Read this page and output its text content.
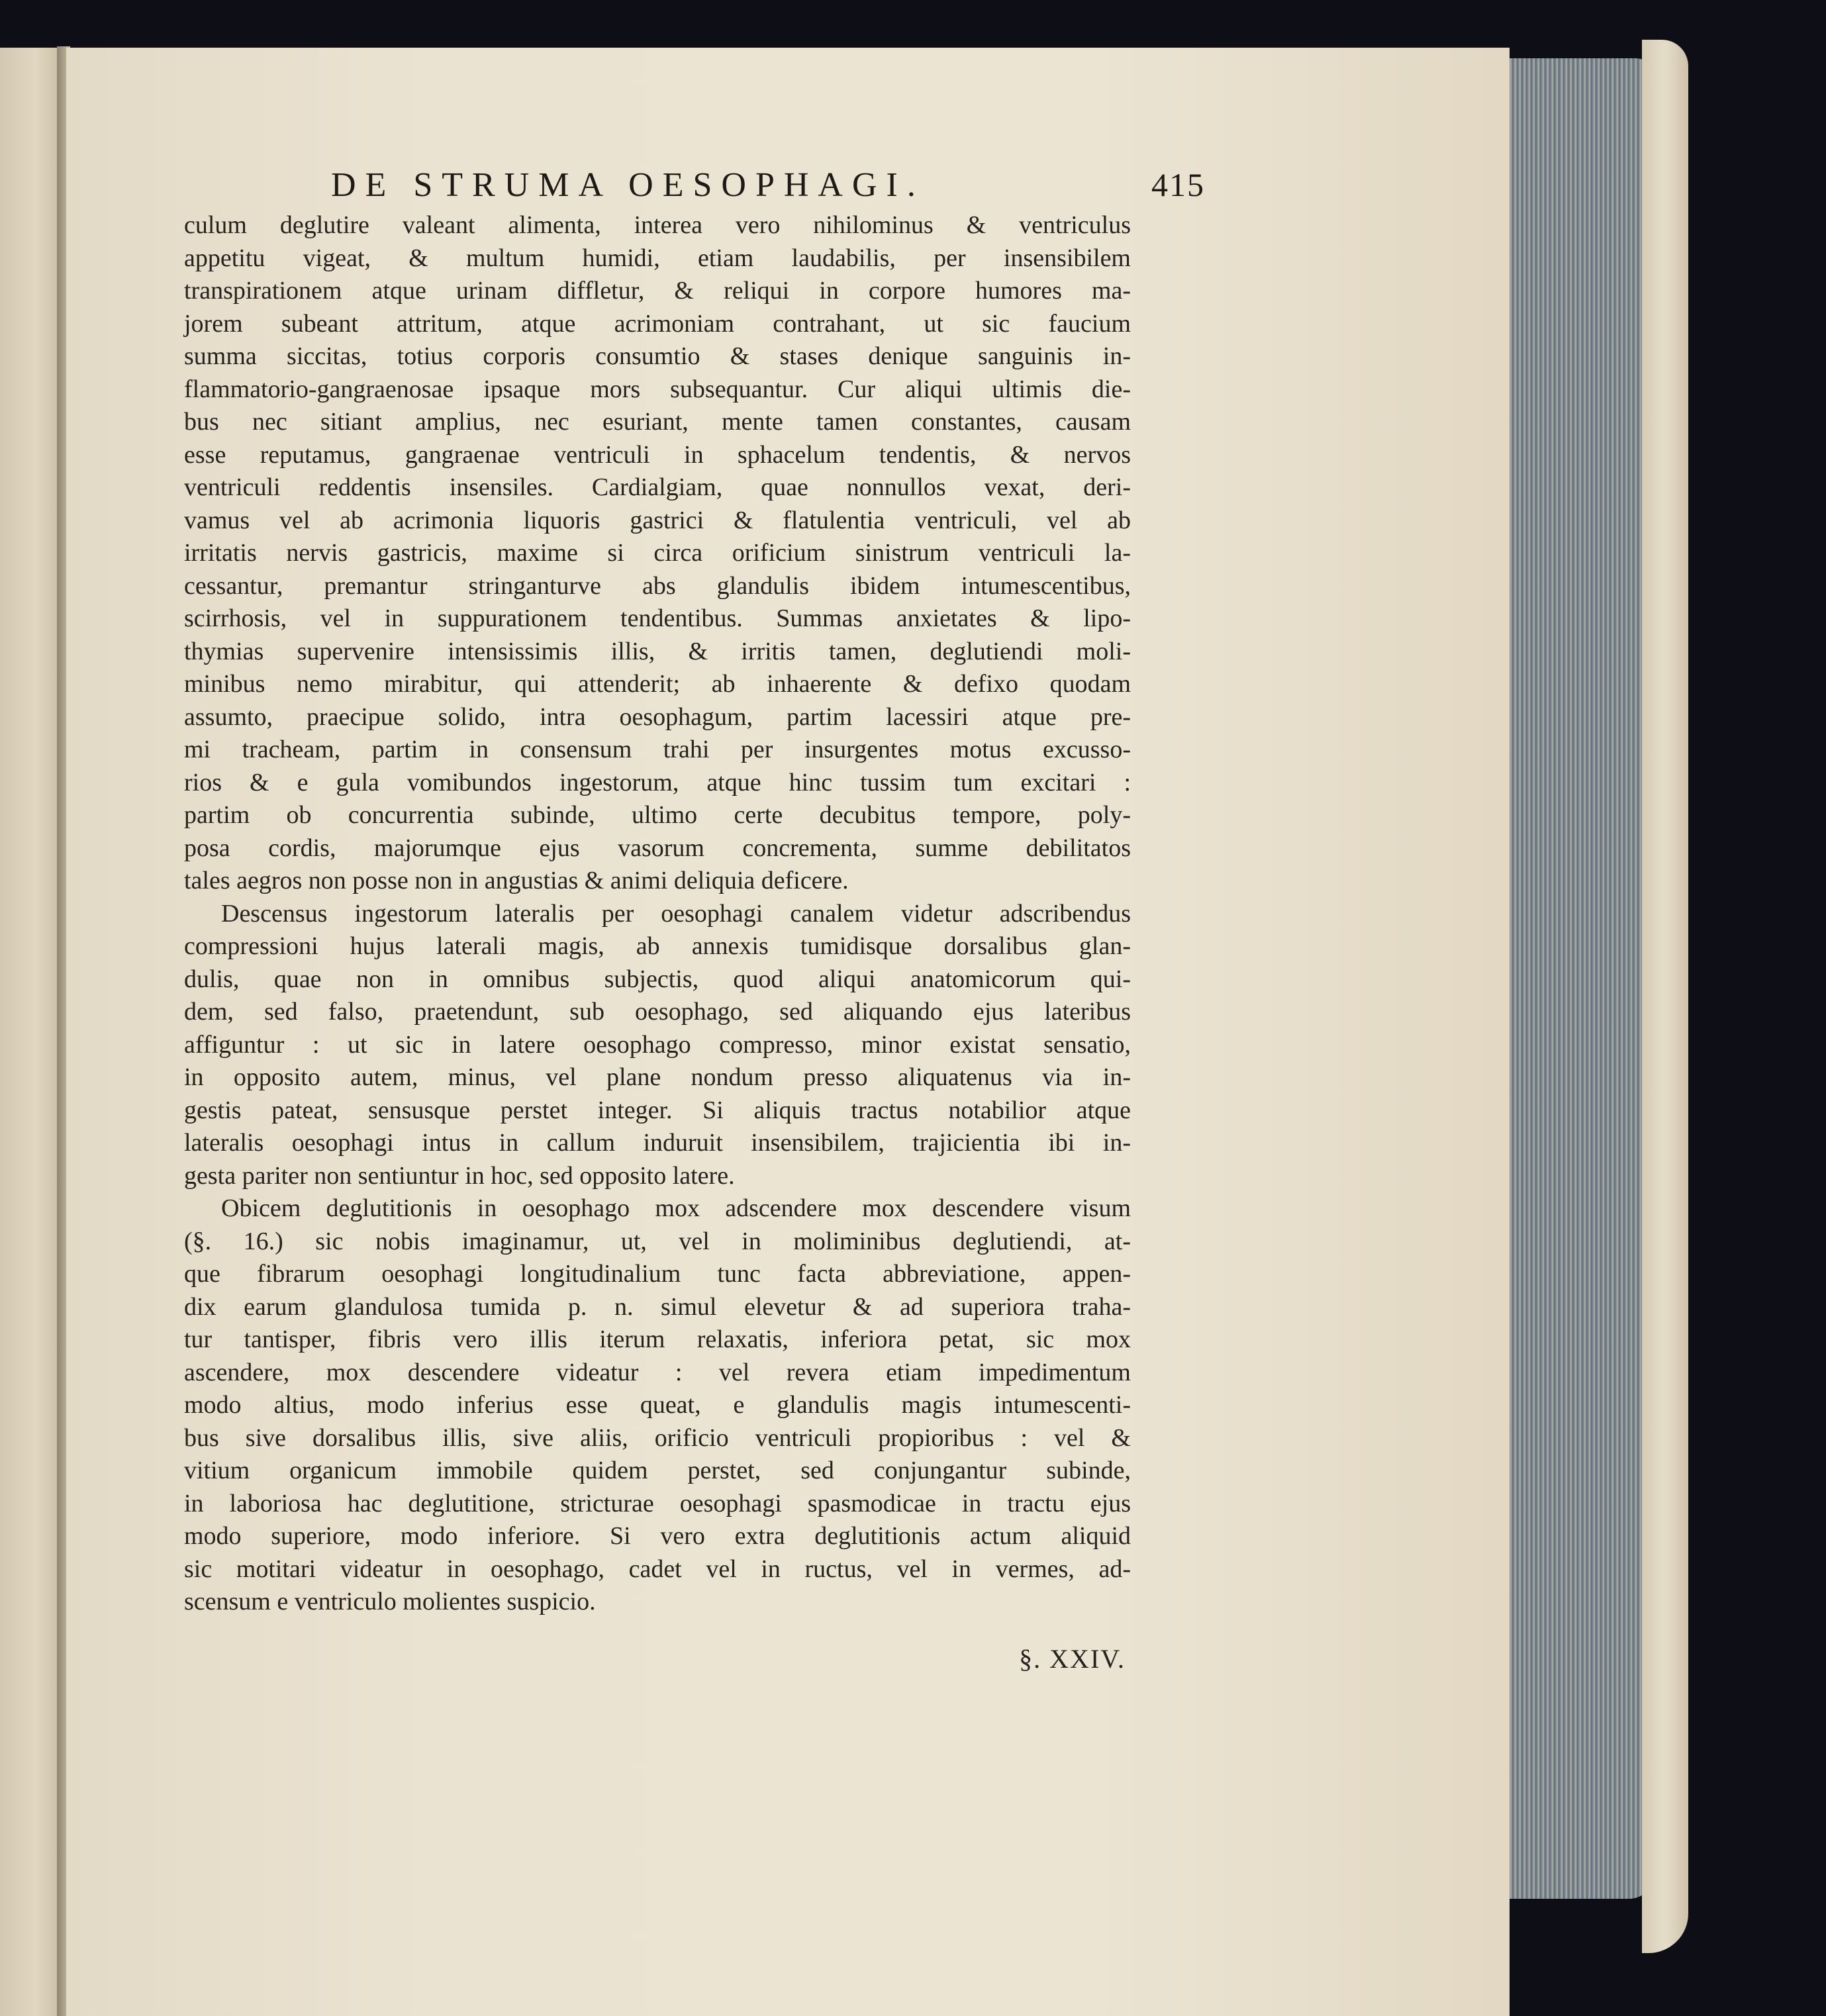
DE STRUMA OESOPHAGI.	415
culum deglutire valeant alimenta, interea vero nihilominus & ventriculus
appetitu vigeat, & multum humidi, etiam laudabilis, per insensibilem
transpirationem atque urinam diffletur, & reliqui in corpore humores ma-
jorem subeant attritum, atque acrimoniam contrahant, ut sic faucium
summa siccitas, totius corporis consumtio & stases denique sanguinis in-
flammatorio-gangraenosae ipsaque mors subsequantur. Cur aliqui ultimis die-
bus nec sitiant amplius, nec esuriant, mente tamen constantes, causam
esse reputamus, gangraenae ventriculi in sphacelum tendentis, & nervos
ventriculi reddentis insensiles. Cardialgiam, quae nonnullos vexat, deri-
vamus vel ab acrimonia liquoris gastrici & flatulentia ventriculi, vel ab
irritatis nervis gastricis, maxime si circa orificium sinistrum ventriculi la-
cessantur, premantur stringanturve abs glandulis ibidem intumescentibus,
scirrhosis, vel in suppurationem tendentibus. Summas anxietates & lipo-
thymias supervenire intensissimis illis, & irritis tamen, deglutiendi moli-
minibus nemo mirabitur, qui attenderit; ab inhaerente & defixo quodam
assumto, praecipue solido, intra oesophagum, partim lacessiri atque pre-
mi tracheam, partim in consensum trahi per insurgentes motus excusso-
rios & e gula vomibundos ingestorum, atque hinc tussim tum excitari :
partim ob concurrentia subinde, ultimo certe decubitus tempore, poly-
posa cordis, majorumque ejus vasorum concrementa, summe debilitatos
tales aegros non posse non in angustias & animi deliquia deficere.
Descensus ingestorum lateralis per oesophagi canalem videtur adscribendus
compressioni hujus laterali magis, ab annexis tumidisque dorsalibus glan-
dulis, quae non in omnibus subjectis, quod aliqui anatomicorum qui-
dem, sed falso, praetendunt, sub oesophago, sed aliquando ejus lateribus
affiguntur : ut sic in latere oesophago compresso, minor existat sensatio,
in opposito autem, minus, vel plane nondum presso aliquatenus via in-
gestis pateat, sensusque perstet integer. Si aliquis tractus notabilior atque
lateralis oesophagi intus in callum induruit insensibilem, trajicientia ibi in-
gesta pariter non sentiuntur in hoc, sed opposito latere.
Obicem deglutitionis in oesophago mox adscendere mox descendere visum
(§. 16.) sic nobis imaginamur, ut, vel in moliminibus deglutiendi, at-
que fibrarum oesophagi longitudinalium tunc facta abbreviatione, appen-
dix earum glandulosa tumida p. n. simul elevetur & ad superiora traha-
tur tantisper, fibris vero illis iterum relaxatis, inferiora petat, sic mox
ascendere, mox descendere videatur : vel revera etiam impedimentum
modo altius, modo inferius esse queat, e glandulis magis intumescenti-
bus sive dorsalibus illis, sive aliis, orificio ventriculi propioribus : vel &
vitium organicum immobile quidem perstet, sed conjungantur subinde,
in laboriosa hac deglutitione, stricturae oesophagi spasmodicae in tractu ejus
modo superiore, modo inferiore. Si vero extra deglutitionis actum aliquid
sic motitari videatur in oesophago, cadet vel in ructus, vel in vermes, ad-
scensum e ventriculo molientes suspicio.
§. XXIV.
